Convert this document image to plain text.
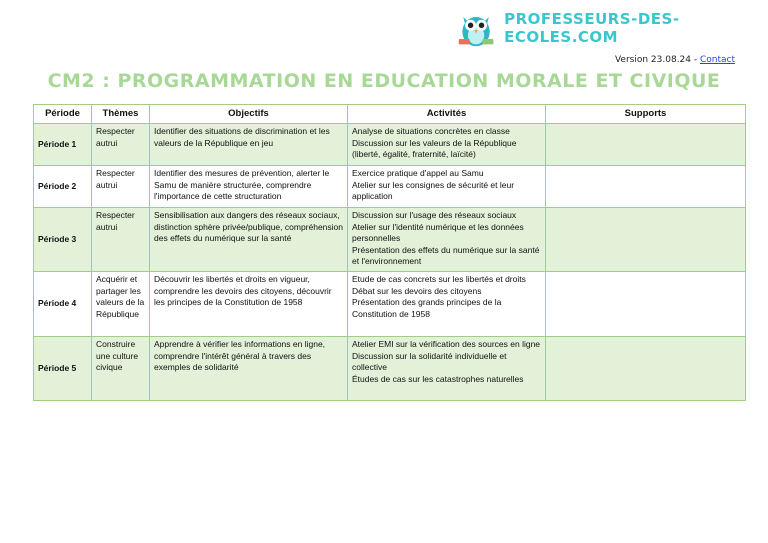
PROFESSEURS-DES-ECOLES.COM
Version 23.08.24 - Contact
CM2 : PROGRAMMATION EN EDUCATION MORALE ET CIVIQUE
Période	Thèmes	Objectifs	Activités	Supports
Période 1	Respecter autrui	Identifier des situations de discrimination et les valeurs de la République en jeu	Analyse de situations concrètes en classe
Discussion sur les valeurs de la République (liberté, égalité, fraternité, laïcité)	

Période 2	Respecter autrui	Identifier des mesures de prévention, alerter le Samu de manière structurée, comprendre l'importance de cette structuration	Exercice pratique d'appel au Samu
Atelier sur les consignes de sécurité et leur application	

Période 3	Respecter autrui	Sensibilisation aux dangers des réseaux sociaux, distinction sphère privée/publique, compréhension des effets du numérique sur la santé	Discussion sur l'usage des réseaux sociaux
Atelier sur l'identité numérique et les données personnelles
Présentation des effets du numérique sur la santé et l'environnement	

Période 4	Acquérir et partager les valeurs de la République	Découvrir les libertés et droits en vigueur, comprendre les devoirs des citoyens, découvrir les principes de la Constitution de 1958	Etude de cas concrets sur les libertés et droits
Débat sur les devoirs des citoyens
Présentation des grands principes de la Constitution de 1958	

Période 5	Construire une culture civique	Apprendre à vérifier les informations en ligne, comprendre l'intérêt général à travers des exemples de solidarité	Atelier EMI sur la vérification des sources en ligne
Discussion sur la solidarité individuelle et collective
Études de cas sur les catastrophes naturelles	
